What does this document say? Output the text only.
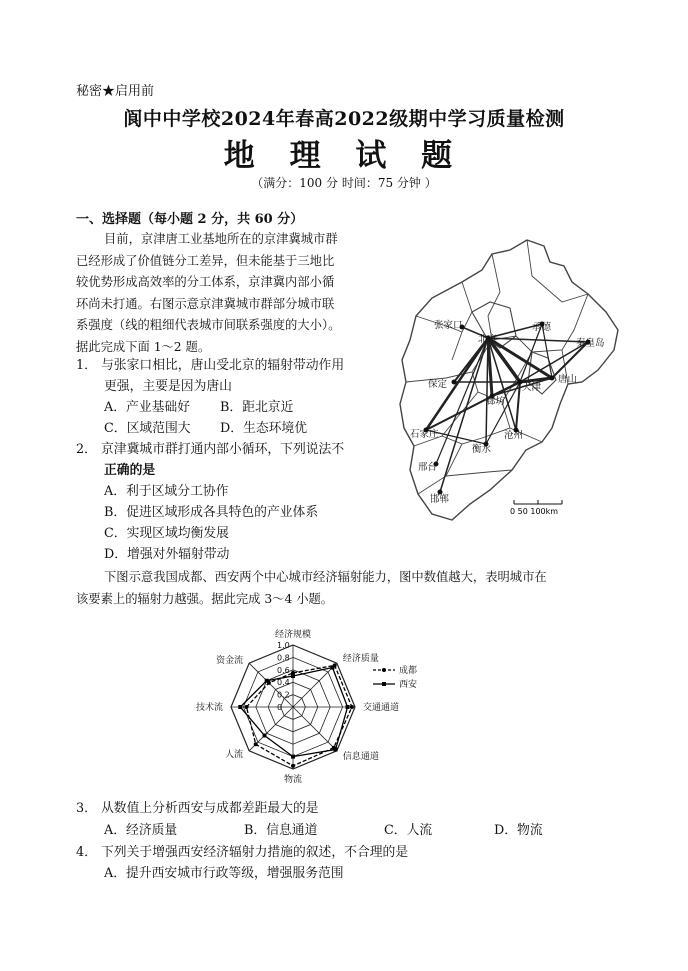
秘密★启用前
阆中中学校2024年春高2022级期中学习质量检测
地 理 试 题
（满分：100 分 时间：75 分钟 ）
一、选择题（每小题 2 分，共 60 分）
目前，京津唐工业基地所在的京津冀城市群
已经形成了价值链分工差异，但未能基于三地比
较优势形成高效率的分工体系，京津冀内部小循
环尚未打通。右图示意京津冀城市群部分城市联
系强度（线的粗细代表城市间联系强度的大小）。
据此完成下面 1～2 题。
1． 与张家口相比，唐山受北京的辐射带动作用
更强，主要是因为唐山
A．产业基础好 B．距北京近
C．区域范围大 D．生态环境优
2． 京津冀城市群打通内部小循环，下列说法不
正确的是
A．利于区域分工协作
B．促进区域形成各具特色的产业体系
C．实现区域均衡发展
D．增强对外辐射带动
承德
张家口
北京	秦皇岛
保定	天津
唐山
廊坊
石家庄	沧州
衡水
邢台
邯郸
0 50 100km
下图示意我国成都、西安两个中心城市经济辐射能力，图中数值越大，表明城市在
该要素上的辐射力越强。据此完成 3～4 小题。
0
0.2
0.4
0.6
0.8
1.0
经济规模
经济质量
交通通道
信息通道
物流
人流
技术流
资金流
成都
西安
3． 从数值上分析西安与成都差距最大的是
A．经济质量	B．信息通道	C．人流	D．物流
4． 下列关于增强西安经济辐射力措施的叙述，不合理的是
A．提升西安城市行政等级，增强服务范围
